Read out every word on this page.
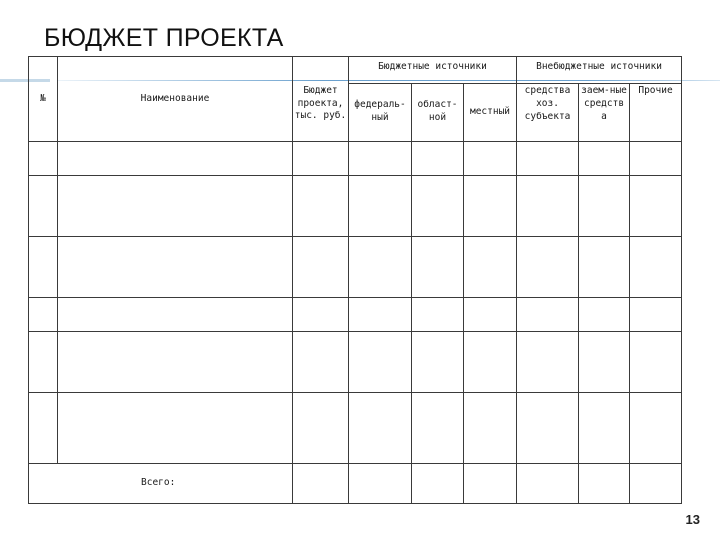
БЮДЖЕТ ПРОЕКТА
№	Наименование	Бюджет проекта, тыс. руб.	Бюджетные источники			Внебюджетные источники		
			федераль-ный	област-ной	местный	средства хоз. субъекта	заем-ные средств а	Прочие

Всего:								
13
